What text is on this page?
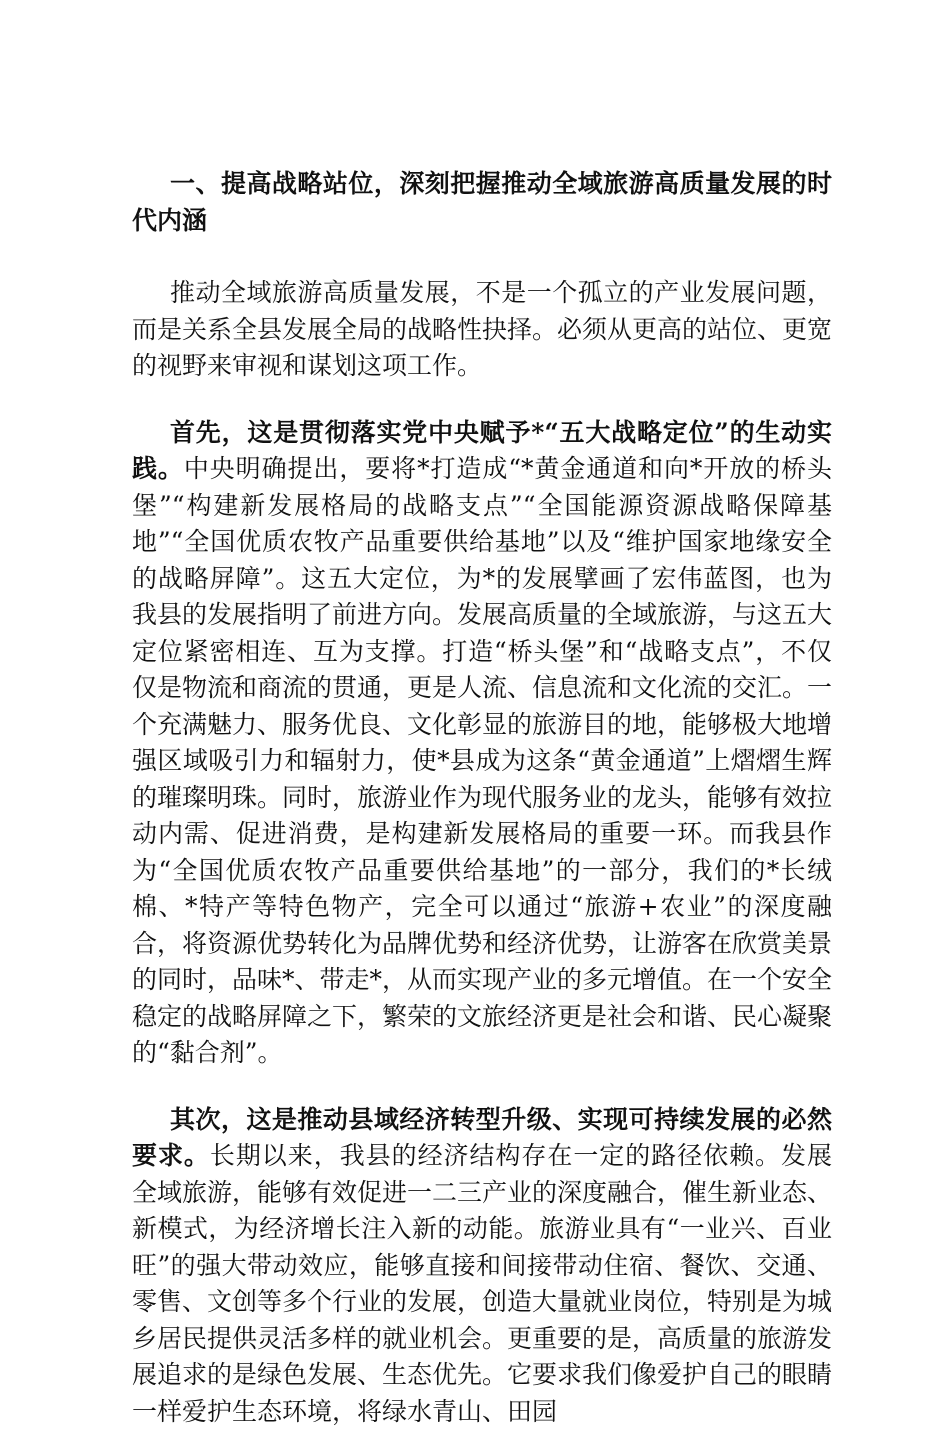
一、提高战略站位，深刻把握推动全域旅游高质量发展的时代内涵

推动全域旅游高质量发展，不是一个孤立的产业发展问题，而是关系全县发展全局的战略性抉择。必须从更高的站位、更宽的视野来审视和谋划这项工作。

首先，这是贯彻落实党中央赋予*“五大战略定位”的生动实践。中央明确提出，要将*打造成“*黄金通道和向*开放的桥头堡”“构建新发展格局的战略支点”“全国能源资源战略保障基地”“全国优质农牧产品重要供给基地”以及“维护国家地缘安全的战略屏障”。这五大定位，为*的发展擘画了宏伟蓝图，也为我县的发展指明了前进方向。发展高质量的全域旅游，与这五大定位紧密相连、互为支撑。打造“桥头堡”和“战略支点”，不仅仅是物流和商流的贯通，更是人流、信息流和文化流的交汇。一个充满魅力、服务优良、文化彰显的旅游目的地，能够极大地增强区域吸引力和辐射力，使*县成为这条“黄金通道”上熠熠生辉的璀璨明珠。同时，旅游业作为现代服务业的龙头，能够有效拉动内需、促进消费，是构建新发展格局的重要一环。而我县作为“全国优质农牧产品重要供给基地”的一部分，我们的*长绒棉、*特产等特色物产，完全可以通过“旅游+农业”的深度融合，将资源优势转化为品牌优势和经济优势，让游客在欣赏美景的同时，品味*、带走*，从而实现产业的多元增值。在一个安全稳定的战略屏障之下，繁荣的文旅经济更是社会和谐、民心凝聚的“黏合剂”。

其次，这是推动县域经济转型升级、实现可持续发展的必然要求。长期以来，我县的经济结构存在一定的路径依赖。发展全域旅游，能够有效促进一二三产业的深度融合，催生新业态、新模式，为经济增长注入新的动能。旅游业具有“一业兴、百业旺”的强大带动效应，能够直接和间接带动住宿、餐饮、交通、零售、文创等多个行业的发展，创造大量就业岗位，特别是为城乡居民提供灵活多样的就业机会。更重要的是，高质量的旅游发展追求的是绿色发展、生态优先。它要求我们像爱护自己的眼睛一样爱护生态环境，将绿水青山、田园
